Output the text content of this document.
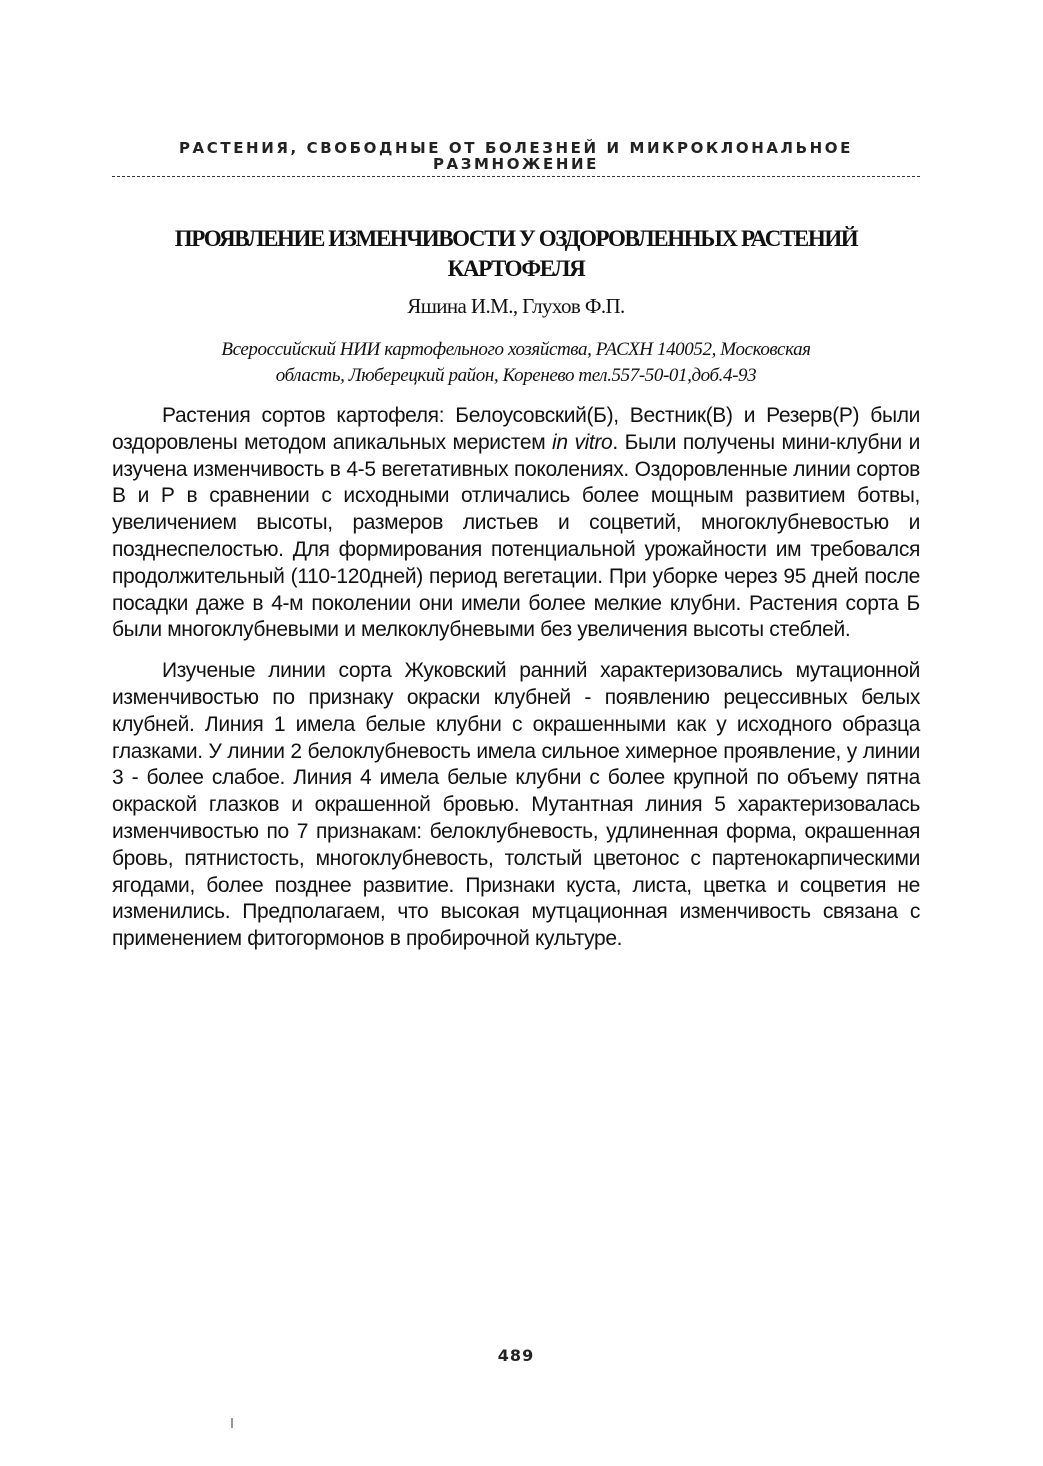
РАСТЕНИЯ, СВОБОДНЫЕ ОТ БОЛЕЗНЕЙ И МИКРОКЛОНАЛЬНОЕ
РАЗМНОЖЕНИЕ
ПРОЯВЛЕНИЕ ИЗМЕНЧИВОСТИ У ОЗДОРОВЛЕННЫХ РАСТЕНИЙ
КАРТОФЕЛЯ
Яшина И.М., Глухов Ф.П.
Всероссийский НИИ картофельного хозяйства, РАСХН 140052, Московская
область, Люберецкий район, Коренево тел.557-50-01,доб.4-93

Растения сортов картофеля: Белоусовский(Б), Вестник(В) и Резерв(Р) были оздоровлены методом апикальных меристем in vitro. Были получены мини-клубни и изучена изменчивость в 4-5 вегетативных поколениях. Оздоровленные линии сортов В и Р в сравнении с исходными отличались более мощным развитием ботвы, увеличением высоты, размеров листьев и соцветий, многоклубневостью и позднеспелостью. Для формирования потенциальной урожайности им требовался продолжительный (110-120дней) период вегетации. При уборке через 95 дней после посадки даже в 4-м поколении они имели более мелкие клубни. Растения сорта Б были многоклубневыми и мелкоклубневыми без увеличения высоты стеблей.

Изученые линии сорта Жуковский ранний характеризовались мутационной изменчивостью по признаку окраски клубней - появлению рецессивных белых клубней. Линия 1 имела белые клубни с окрашенными как у исходного образца глазками. У линии 2 белоклубневость имела сильное химерное проявление, у линии 3 - более слабое. Линия 4 имела белые клубни с более крупной по объему пятна окраской глазков и окрашенной бровью. Мутантная линия 5 характеризовалась изменчивостью по 7 признакам: белоклубневость, удлиненная форма, окрашенная бровь, пятнистость, многоклубневость, толстый цветонос с партенокарпическими ягодами, более позднее развитие. Признаки куста, листа, цветка и соцветия не изменились. Предполагаем, что высокая мутцационная изменчивость связана с применением фитогормонов в пробирочной культуре.

489
